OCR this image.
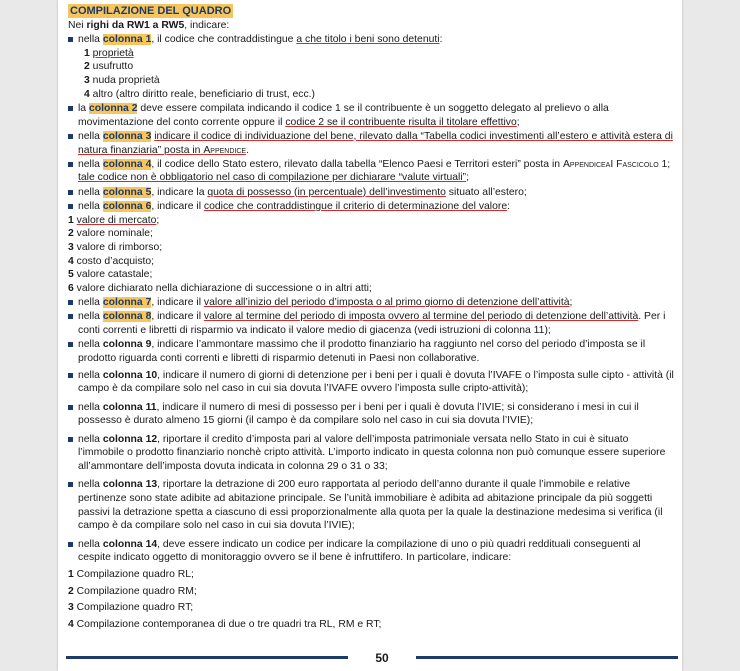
COMPILAZIONE DEL QUADRO
Nei righi da RW1 a RW5, indicare:
nella colonna 1, il codice che contraddistingue a che titolo i beni sono detenuti:
1 proprietà
2 usufrutto
3 nuda proprietà
4 altro (altro diritto reale, beneficiario di trust, ecc.)
la colonna 2 deve essere compilata indicando il codice 1 se il contribuente è un soggetto delegato al prelievo o alla movimentazione del conto corrente oppure il codice 2 se il contribuente risulta il titolare effettivo;
nella colonna 3 indicare il codice di individuazione del bene, rilevato dalla “Tabella codici investimenti all’estero e attività estera di natura finanziaria” posta in Appendice.
nella colonna 4, il codice dello Stato estero, rilevato dalla tabella “Elenco Paesi e Territori esteri” posta in AppendiceaI Fascicolo 1; tale codice non è obbligatorio nel caso di compilazione per dichiarare “valute virtuali”;
nella colonna 5, indicare la quota di possesso (in percentuale) dell’investimento situato all’estero;
nella colonna 6, indicare il codice che contraddistingue il criterio di determinazione del valore:
1 valore di mercato;
2 valore nominale;
3 valore di rimborso;
4 costo d’acquisto;
5 valore catastale;
6 valore dichiarato nella dichiarazione di successione o in altri atti;
nella colonna 7, indicare il valore all’inizio del periodo d’imposta o al primo giorno di detenzione dell’attività;
nella colonna 8, indicare il valore al termine del periodo di imposta ovvero al termine del periodo di detenzione dell’attività. Per i conti correnti e libretti di risparmio va indicato il valore medio di giacenza (vedi istruzioni di colonna 11);
nella colonna 9, indicare l’ammontare massimo che il prodotto finanziario ha raggiunto nel corso del periodo d’imposta se il prodotto riguarda conti correnti e libretti di risparmio detenuti in Paesi non collaborative.
nella colonna 10, indicare il numero di giorni di detenzione per i beni per i quali è dovuta l’IVAFE o l’imposta sulle cipto - attività (il campo è da compilare solo nel caso in cui sia dovuta l’IVAFE ovvero l’imposta sulle cripto-attività);
nella colonna 11, indicare il numero di mesi di possesso per i beni per i quali è dovuta l’IVIE; si considerano i mesi in cui il possesso è durato almeno 15 giorni (il campo è da compilare solo nel caso in cui sia dovuta l’IVIE);
nella colonna 12, riportare il credito d’imposta pari al valore dell’imposta patrimoniale versata nello Stato in cui è situato l’immobile o prodotto finanziario nonchè cripto attività. L’importo indicato in questa colonna non può comunque essere superiore all’ammontare dell’imposta dovuta indicata in colonna 29 o 31 o 33;
nella colonna 13, riportare la detrazione di 200 euro rapportata al periodo dell’anno durante il quale l’immobile e relative pertinenze sono state adibite ad abitazione principale. Se l’unità immobiliare è adibita ad abitazione principale da più soggetti passivi la detrazione spetta a ciascuno di essi proporzionalmente alla quota per la quale la destinazione medesima si verifica (il campo è da compilare solo nel caso in cui sia dovuta l’IVIE);
nella colonna 14, deve essere indicato un codice per indicare la compilazione di uno o più quadri reddituali conseguenti al cespite indicato oggetto di monitoraggio ovvero se il bene è infruttifero. In particolare, indicare:
1 Compilazione quadro RL;
2 Compilazione quadro RM;
3 Compilazione quadro RT;
4 Compilazione contemporanea di due o tre quadri tra RL, RM e RT;
50
